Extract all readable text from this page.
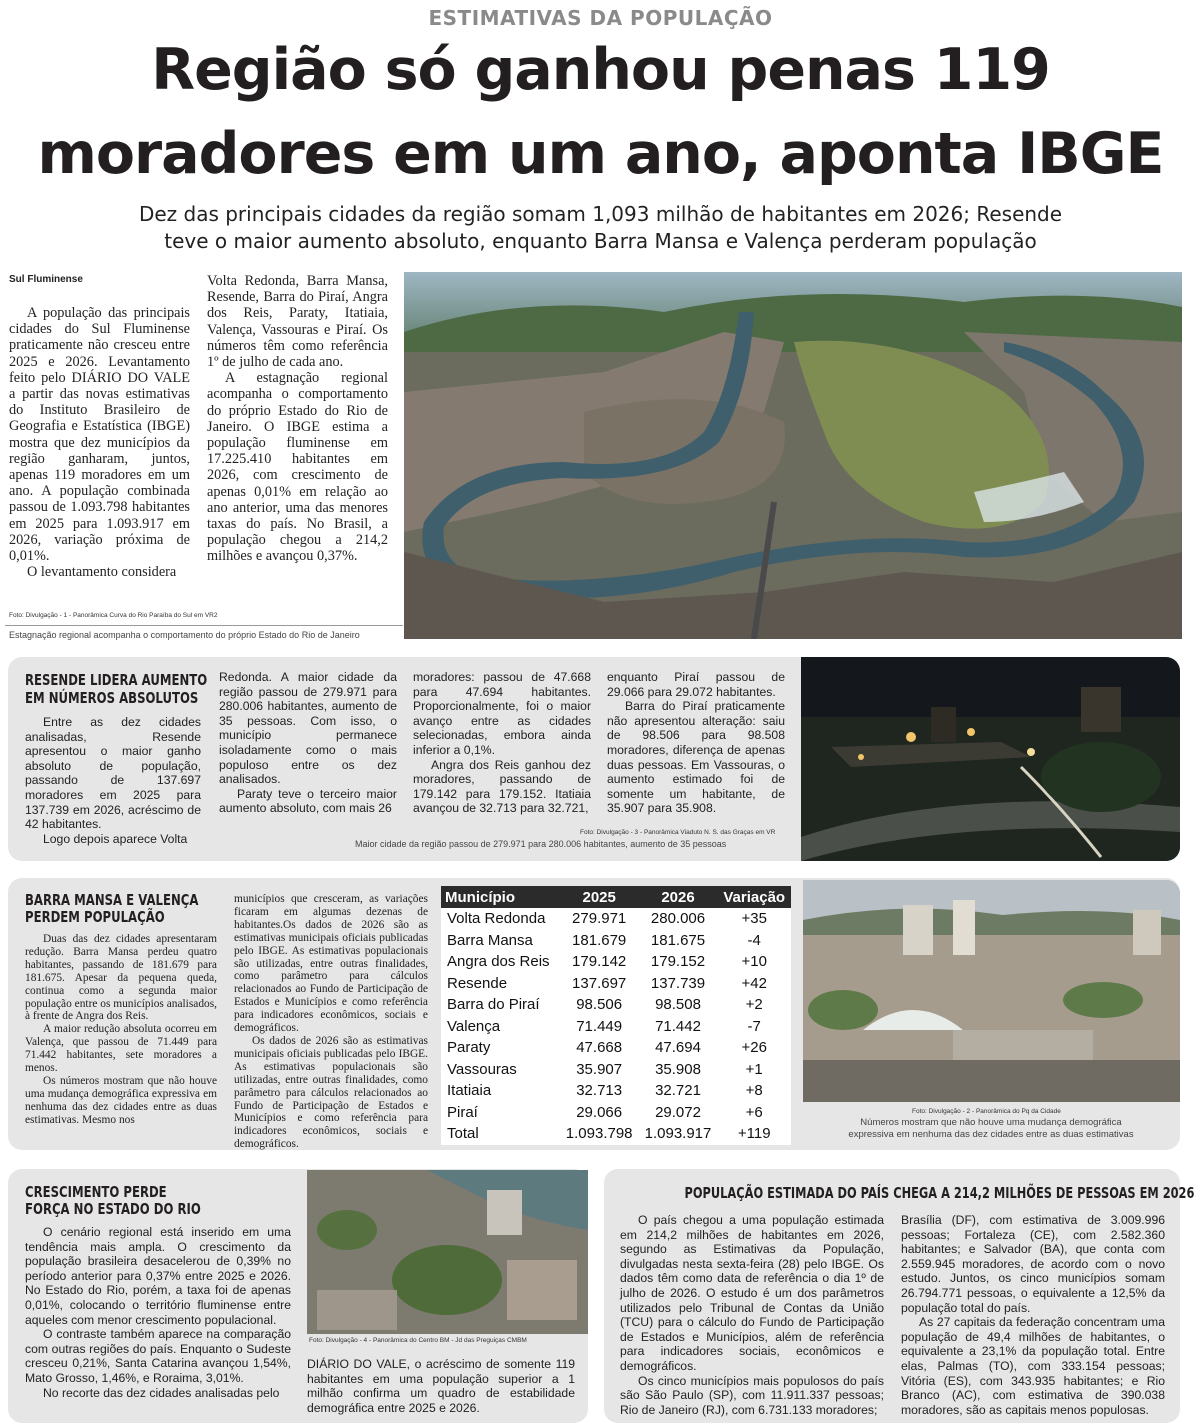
ESTIMATIVAS DA POPULAÇÃO
Região só ganhou penas 119
moradores em um ano, aponta IBGE
Dez das principais cidades da região somam 1,093 milhão de habitantes em 2026; Resende
teve o maior aumento absoluto, enquanto Barra Mansa e Valença perderam população
Sul Fluminense

A população das principais cidades do Sul Fluminense praticamente não cresceu entre 2025 e 2026. Levantamento feito pelo DIÁRIO DO VALE a partir das novas estimativas do Instituto Brasileiro de Geografia e Estatística (IBGE) mostra que dez municípios da região ganharam, juntos, apenas 119 moradores em um ano. A população combinada passou de 1.093.798 habitantes em 2025 para 1.093.917 em 2026, variação próxima de 0,01%.

O levantamento considera

Volta Redonda, Barra Mansa, Resende, Barra do Piraí, Angra dos Reis, Paraty, Itatiaia, Valença, Vassouras e Piraí. Os números têm como referência 1º de julho de cada ano.

A estagnação regional acompanha o comportamento do próprio Estado do Rio de Janeiro. O IBGE estima a população fluminense em 17.225.410 habitantes em 2026, com crescimento de apenas 0,01% em relação ao ano anterior, uma das menores taxas do país. No Brasil, a população chegou a 214,2 milhões e avançou 0,37%.

Foto: Divulgação - 1 - Panorâmica Curva do Rio Paraíba do Sul em VR2
Estagnação regional acompanha o comportamento do próprio Estado do Rio de Janeiro
RESENDE LIDERA AUMENTO
EM NÚMEROS ABSOLUTOS

Entre as dez cidades analisadas, Resende apresentou o maior ganho absoluto de população, passando de 137.697 moradores em 2025 para 137.739 em 2026, acréscimo de 42 habitantes.

Logo depois aparece Volta

Redonda. A maior cidade da região passou de 279.971 para 280.006 habitantes, aumento de 35 pessoas. Com isso, o município permanece isoladamente como o mais populoso entre os dez analisados.

Paraty teve o terceiro maior aumento absoluto, com mais 26

moradores: passou de 47.668 para 47.694 habitantes. Proporcionalmente, foi o maior avanço entre as cidades selecionadas, embora ainda inferior a 0,1%.

Angra dos Reis ganhou dez moradores, passando de 179.142 para 179.152. Itatiaia avançou de 32.713 para 32.721,

enquanto Piraí passou de 29.066 para 29.072 habitantes.

Barra do Piraí praticamente não apresentou alteração: saiu de 98.506 para 98.508 moradores, diferença de apenas duas pessoas. Em Vassouras, o aumento estimado foi de somente um habitante, de 35.907 para 35.908.

Foto: Divulgação - 3 - Panorâmica Viaduto N. S. das Graças em VR
Maior cidade da região passou de 279.971 para 280.006 habitantes, aumento de 35 pessoas
BARRA MANSA E VALENÇA
PERDEM POPULAÇÃO

Duas das dez cidades apresentaram redução. Barra Mansa perdeu quatro habitantes, passando de 181.679 para 181.675. Apesar da pequena queda, continua como a segunda maior população entre os municípios analisados, à frente de Angra dos Reis.

A maior redução absoluta ocorreu em Valença, que passou de 71.449 para 71.442 habitantes, sete moradores a menos.

Os números mostram que não houve uma mudança demográfica expressiva em nenhuma das dez cidades entre as duas estimativas. Mesmo nos

municípios que cresceram, as variações ficaram em algumas dezenas de habitantes.Os dados de 2026 são as estimativas municipais oficiais publicadas pelo IBGE. As estimativas populacionais são utilizadas, entre outras finalidades, como parâmetro para cálculos relacionados ao Fundo de Participação de Estados e Municípios e como referência para indicadores econômicos, sociais e demográficos.

Os dados de 2026 são as estimativas municipais oficiais publicadas pelo IBGE. As estimativas populacionais são utilizadas, entre outras finalidades, como parâmetro para cálculos relacionados ao Fundo de Participação de Estados e Municípios e como referência para indicadores econômicos, sociais e demográficos.

Município	2025	2026	Variação
Volta Redonda	279.971	280.006	+35
Barra Mansa	181.679	181.675	-4
Angra dos Reis	179.142	179.152	+10
Resende	137.697	137.739	+42
Barra do Piraí	98.506	98.508	+2
Valença	71.449	71.442	-7
Paraty	47.668	47.694	+26
Vassouras	35.907	35.908	+1
Itatiaia	32.713	32.721	+8
Piraí	29.066	29.072	+6
Total	1.093.798	1.093.917	+119
Foto: Divulgação - 2 - Panorâmica do Pq da Cidade
Números mostram que não houve uma mudança demográfica
expressiva em nenhuma das dez cidades entre as duas estimativas
CRESCIMENTO PERDE
FORÇA NO ESTADO DO RIO

O cenário regional está inserido em uma tendência mais ampla. O crescimento da população brasileira desacelerou de 0,39% no período anterior para 0,37% entre 2025 e 2026. No Estado do Rio, porém, a taxa foi de apenas 0,01%, colocando o território fluminense entre aqueles com menor crescimento populacional.

O contraste também aparece na comparação com outras regiões do país. Enquanto o Sudeste cresceu 0,21%, Santa Catarina avançou 1,54%, Mato Grosso, 1,46%, e Roraima, 3,01%.

No recorte das dez cidades analisadas pelo

Foto: Divulgação - 4 - Panorâmica do Centro BM - Jd das Preguiças CMBM

DIÁRIO DO VALE, o acréscimo de somente 119 habitantes em uma população superior a 1 milhão confirma um quadro de estabilidade demográfica entre 2025 e 2026.

POPULAÇÃO ESTIMADA DO PAÍS CHEGA A 214,2 MILHÕES DE PESSOAS EM 2026

O país chegou a uma população estimada em 214,2 milhões de habitantes em 2026, segundo as Estimativas da População, divulgadas nesta sexta-feira (28) pelo IBGE. Os dados têm como data de referência o dia 1º de julho de 2026. O estudo é um dos parâmetros utilizados pelo Tribunal de Contas da União (TCU) para o cálculo do Fundo de Participação de Estados e Municípios, além de referência para indicadores sociais, econômicos e demográficos.

Os cinco municípios mais populosos do país são São Paulo (SP), com 11.911.337 pessoas; Rio de Janeiro (RJ), com 6.731.133 moradores;

Brasília (DF), com estimativa de 3.009.996 pessoas; Fortaleza (CE), com 2.582.360 habitantes; e Salvador (BA), que conta com 2.559.945 moradores, de acordo com o novo estudo. Juntos, os cinco municípios somam 26.794.771 pessoas, o equivalente a 12,5% da população total do país.

As 27 capitais da federação concentram uma população de 49,4 milhões de habitantes, o equivalente a 23,1% da população total. Entre elas, Palmas (TO), com 333.154 pessoas; Vitória (ES), com 343.935 habitantes; e Rio Branco (AC), com estimativa de 390.038 moradores, são as capitais menos populosas.
